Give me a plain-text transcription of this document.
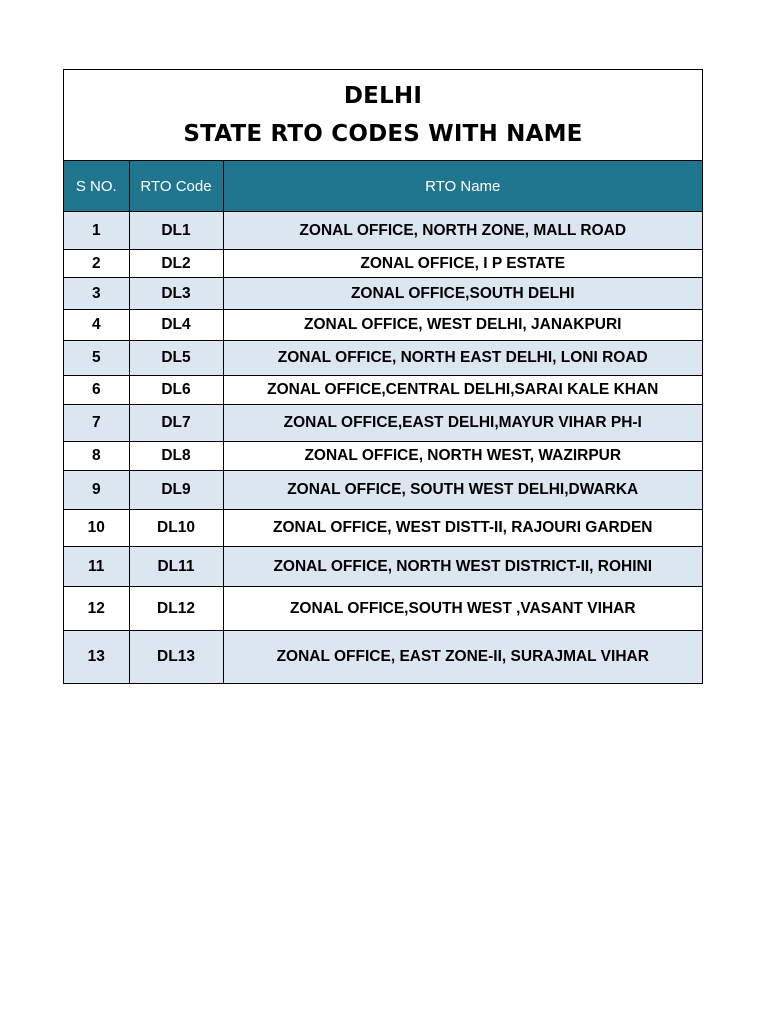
DELHI
STATE RTO CODES WITH NAME
S NO.	RTO Code	RTO Name
1	DL1	ZONAL OFFICE, NORTH ZONE, MALL ROAD
2	DL2	ZONAL OFFICE, I P ESTATE
3	DL3	ZONAL OFFICE,SOUTH DELHI
4	DL4	ZONAL OFFICE, WEST DELHI, JANAKPURI
5	DL5	ZONAL OFFICE, NORTH EAST DELHI, LONI ROAD
6	DL6	ZONAL OFFICE,CENTRAL DELHI,SARAI KALE KHAN
7	DL7	ZONAL OFFICE,EAST DELHI,MAYUR VIHAR PH-I
8	DL8	ZONAL OFFICE, NORTH WEST, WAZIRPUR
9	DL9	ZONAL OFFICE, SOUTH WEST DELHI,DWARKA
10	DL10	ZONAL OFFICE, WEST DISTT-II, RAJOURI GARDEN
11	DL11	ZONAL OFFICE, NORTH WEST DISTRICT-II, ROHINI
12	DL12	ZONAL OFFICE,SOUTH WEST ,VASANT VIHAR
13	DL13	ZONAL OFFICE, EAST ZONE-II, SURAJMAL VIHAR
